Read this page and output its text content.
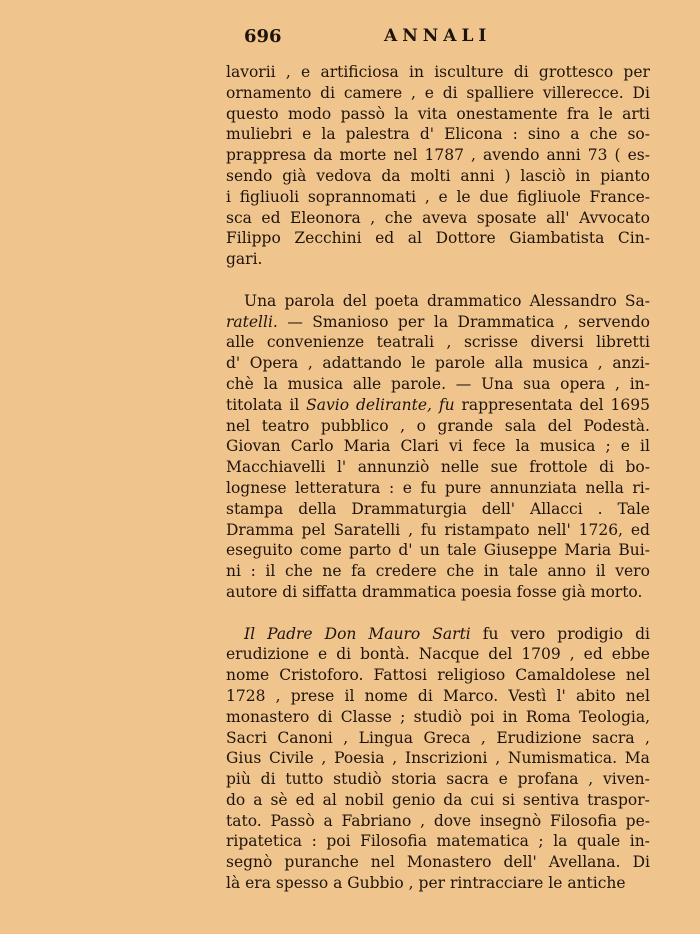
696	ANNALI
lavorii , e artificiosa in isculture di grottesco per
ornamento di camere , e di spalliere villerecce. Di
questo modo passò la vita onestamente fra le arti
muliebri e la palestra d' Elicona : sino a che so-
prappresa da morte nel 1787 , avendo anni 73 ( es-
sendo già vedova da molti anni ) lasciò in pianto
i figliuoli soprannomati , e le due figliuole France-
sca ed Eleonora , che aveva sposate all' Avvocato
Filippo Zecchini ed al Dottore Giambatista Cin-
gari.
Una parola del poeta drammatico Alessandro Sa-
ratelli. — Smanioso per la Drammatica , servendo
alle convenienze teatrali , scrisse diversi libretti
d' Opera , adattando le parole alla musica , anzi-
chè la musica alle parole. — Una sua opera , in-
titolata il Savio delirante, fu rappresentata del 1695
nel teatro pubblico , o grande sala del Podestà.
Giovan Carlo Maria Clari vi fece la musica ; e il
Macchiavelli l' annunziò nelle sue frottole di bo-
lognese letteratura : e fu pure annunziata nella ri-
stampa della Drammaturgia dell' Allacci . Tale
Dramma pel Saratelli , fu ristampato nell' 1726, ed
eseguito come parto d' un tale Giuseppe Maria Bui-
ni : il che ne fa credere che in tale anno il vero
autore di siffatta drammatica poesia fosse già morto.
Il Padre Don Mauro Sarti fu vero prodigio di
erudizione e di bontà. Nacque del 1709 , ed ebbe
nome Cristoforo. Fattosi religioso Camaldolese nel
1728 , prese il nome di Marco. Vestì l' abito nel
monastero di Classe ; studiò poi in Roma Teologia,
Sacri Canoni , Lingua Greca , Erudizione sacra ,
Gius Civile , Poesia , Inscrizioni , Numismatica. Ma
più di tutto studiò storia sacra e profana , viven-
do a sè ed al nobil genio da cui si sentiva traspor-
tato. Passò a Fabriano , dove insegnò Filosofia pe-
ripatetica : poi Filosofia matematica ; la quale in-
segnò puranche nel Monastero dell' Avellana. Di
là era spesso a Gubbio , per rintracciare le antiche
